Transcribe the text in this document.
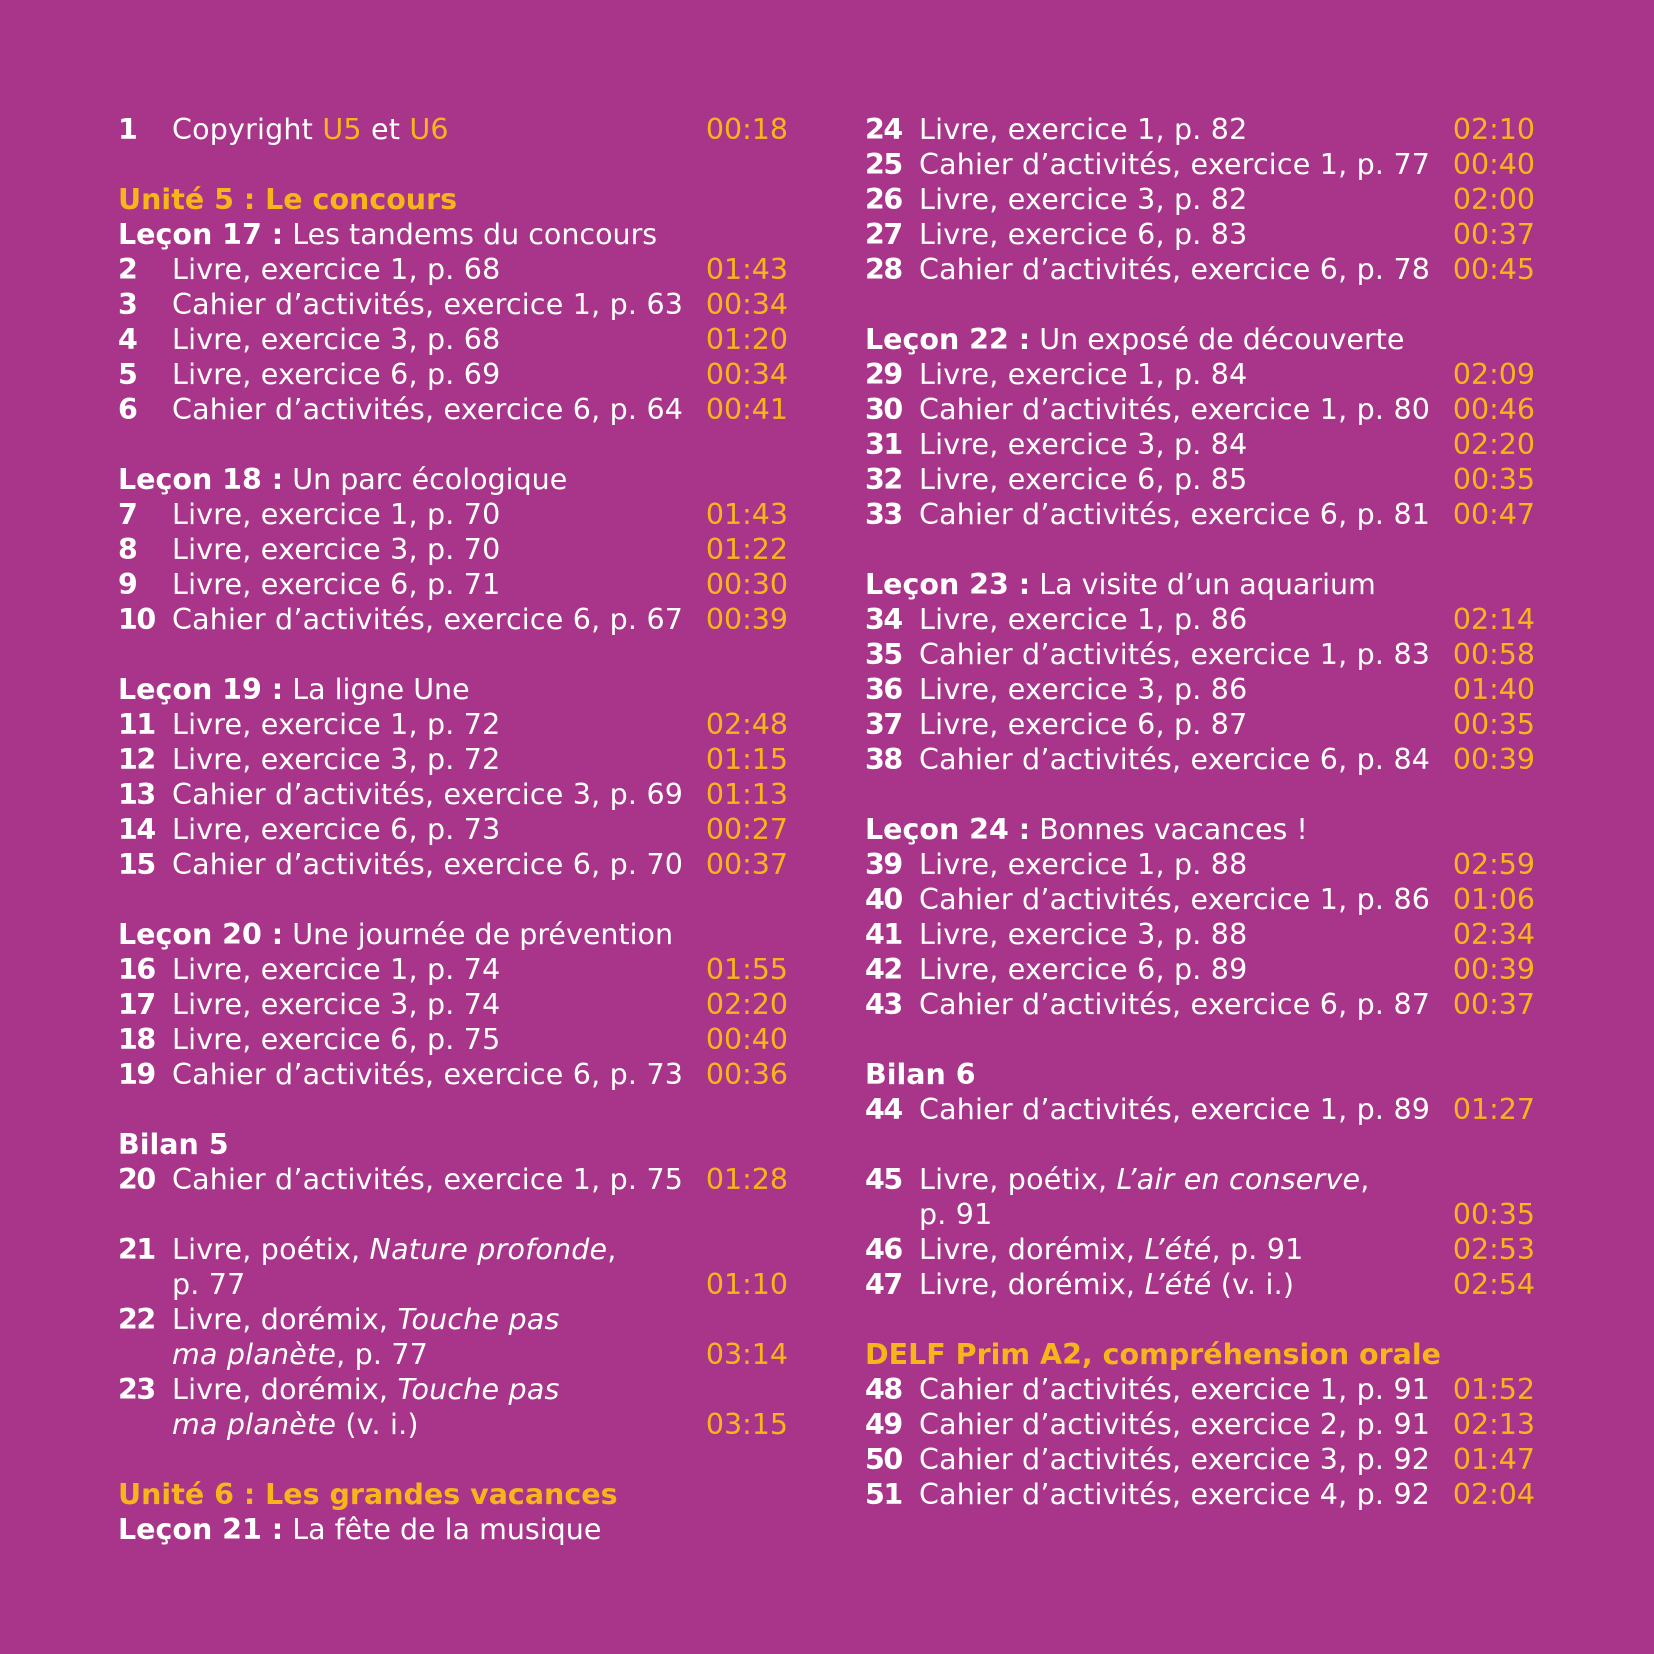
1 Copyright U5 et U6	00:18
Unité 5 : Le concours
Leçon 17 : Les tandems du concours
2 Livre, exercice 1, p. 68	01:43
3 Cahier d’activités, exercice 1, p. 63 00:34
4 Livre, exercice 3, p. 68	01:20
5 Livre, exercice 6, p. 69	00:34
6 Cahier d’activités, exercice 6, p. 64 00:41
Leçon 18 : Un parc écologique
7 Livre, exercice 1, p. 70	01:43
8 Livre, exercice 3, p. 70	01:22
9 Livre, exercice 6, p. 71	00:30
10 Cahier d’activités, exercice 6, p. 67 00:39
Leçon 19 : La ligne Une
11 Livre, exercice 1, p. 72	02:48
12 Livre, exercice 3, p. 72	01:15
13 Cahier d’activités, exercice 3, p. 69 01:13
14 Livre, exercice 6, p. 73	00:27
15 Cahier d’activités, exercice 6, p. 70 00:37
Leçon 20 : Une journée de prévention
16 Livre, exercice 1, p. 74	01:55
17 Livre, exercice 3, p. 74	02:20
18 Livre, exercice 6, p. 75	00:40
19 Cahier d’activités, exercice 6, p. 73 00:36
Bilan 5
20 Cahier d’activités, exercice 1, p. 75 01:28
21 Livre, poétix, Nature profonde,
p. 77	01:10
22 Livre, dorémix, Touche pas
ma planète, p. 77	03:14
23 Livre, dorémix, Touche pas
ma planète (v. i.)	03:15
Unité 6 : Les grandes vacances
Leçon 21 : La fête de la musique
24 Livre, exercice 1, p. 82	02:10
25 Cahier d’activités, exercice 1, p. 77 00:40
26 Livre, exercice 3, p. 82	02:00
27 Livre, exercice 6, p. 83	00:37
28 Cahier d’activités, exercice 6, p. 78 00:45
Leçon 22 : Un exposé de découverte
29 Livre, exercice 1, p. 84	02:09
30 Cahier d’activités, exercice 1, p. 80 00:46
31 Livre, exercice 3, p. 84	02:20
32 Livre, exercice 6, p. 85	00:35
33 Cahier d’activités, exercice 6, p. 81 00:47
Leçon 23 : La visite d’un aquarium
34 Livre, exercice 1, p. 86	02:14
35 Cahier d’activités, exercice 1, p. 83 00:58
36 Livre, exercice 3, p. 86	01:40
37 Livre, exercice 6, p. 87	00:35
38 Cahier d’activités, exercice 6, p. 84 00:39
Leçon 24 : Bonnes vacances !
39 Livre, exercice 1, p. 88	02:59
40 Cahier d’activités, exercice 1, p. 86 01:06
41 Livre, exercice 3, p. 88	02:34
42 Livre, exercice 6, p. 89	00:39
43 Cahier d’activités, exercice 6, p. 87 00:37
Bilan 6
44 Cahier d’activités, exercice 1, p. 89 01:27
45 Livre, poétix, L’air en conserve,
p. 91	00:35
46 Livre, dorémix, L’été, p. 91	02:53
47 Livre, dorémix, L’été (v. i.)	02:54
DELF Prim A2, compréhension orale
48 Cahier d’activités, exercice 1, p. 91 01:52
49 Cahier d’activités, exercice 2, p. 91 02:13
50 Cahier d’activités, exercice 3, p. 92 01:47
51 Cahier d’activités, exercice 4, p. 92 02:04
